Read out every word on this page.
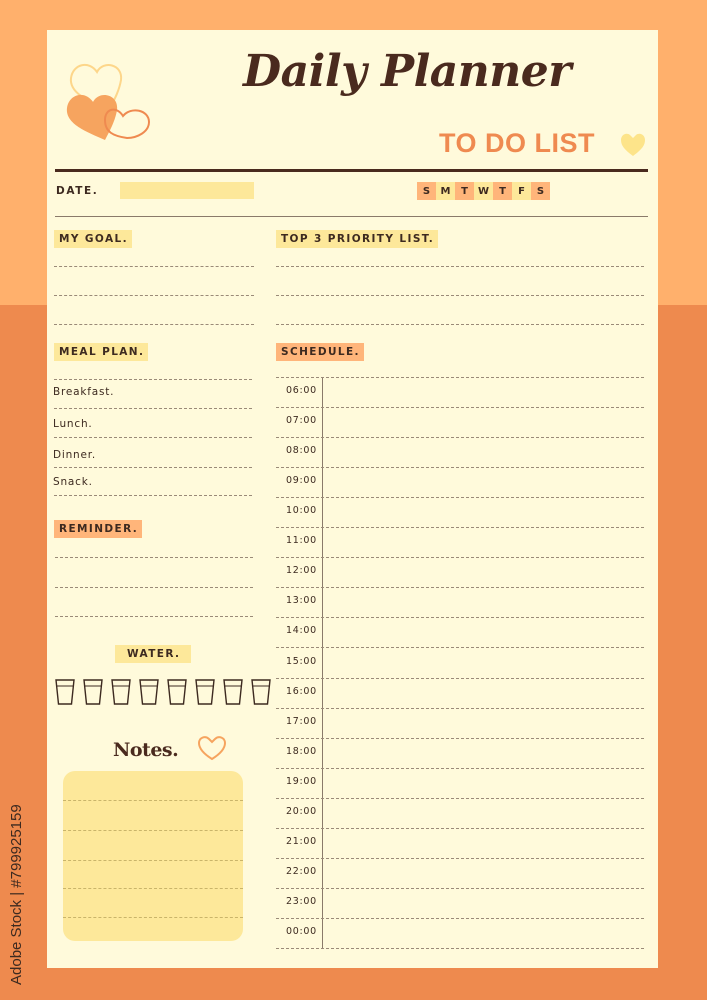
Daily Planner
TO DO LIST
DATE.	S	M	T	W	T	F	S
MY GOAL.	TOP 3 PRIORITY LIST.
MEAL PLAN.
Breakfast.
Lunch.
Dinner.
Snack.
SCHEDULE.
06:00
07:00
08:00
09:00
10:00
11:00
12:00
13:00
14:00
15:00
16:00
17:00
18:00
19:00
20:00
21:00
22:00
23:00
00:00
REMINDER.
WATER.
Notes.
Adobe Stock | #799925159
